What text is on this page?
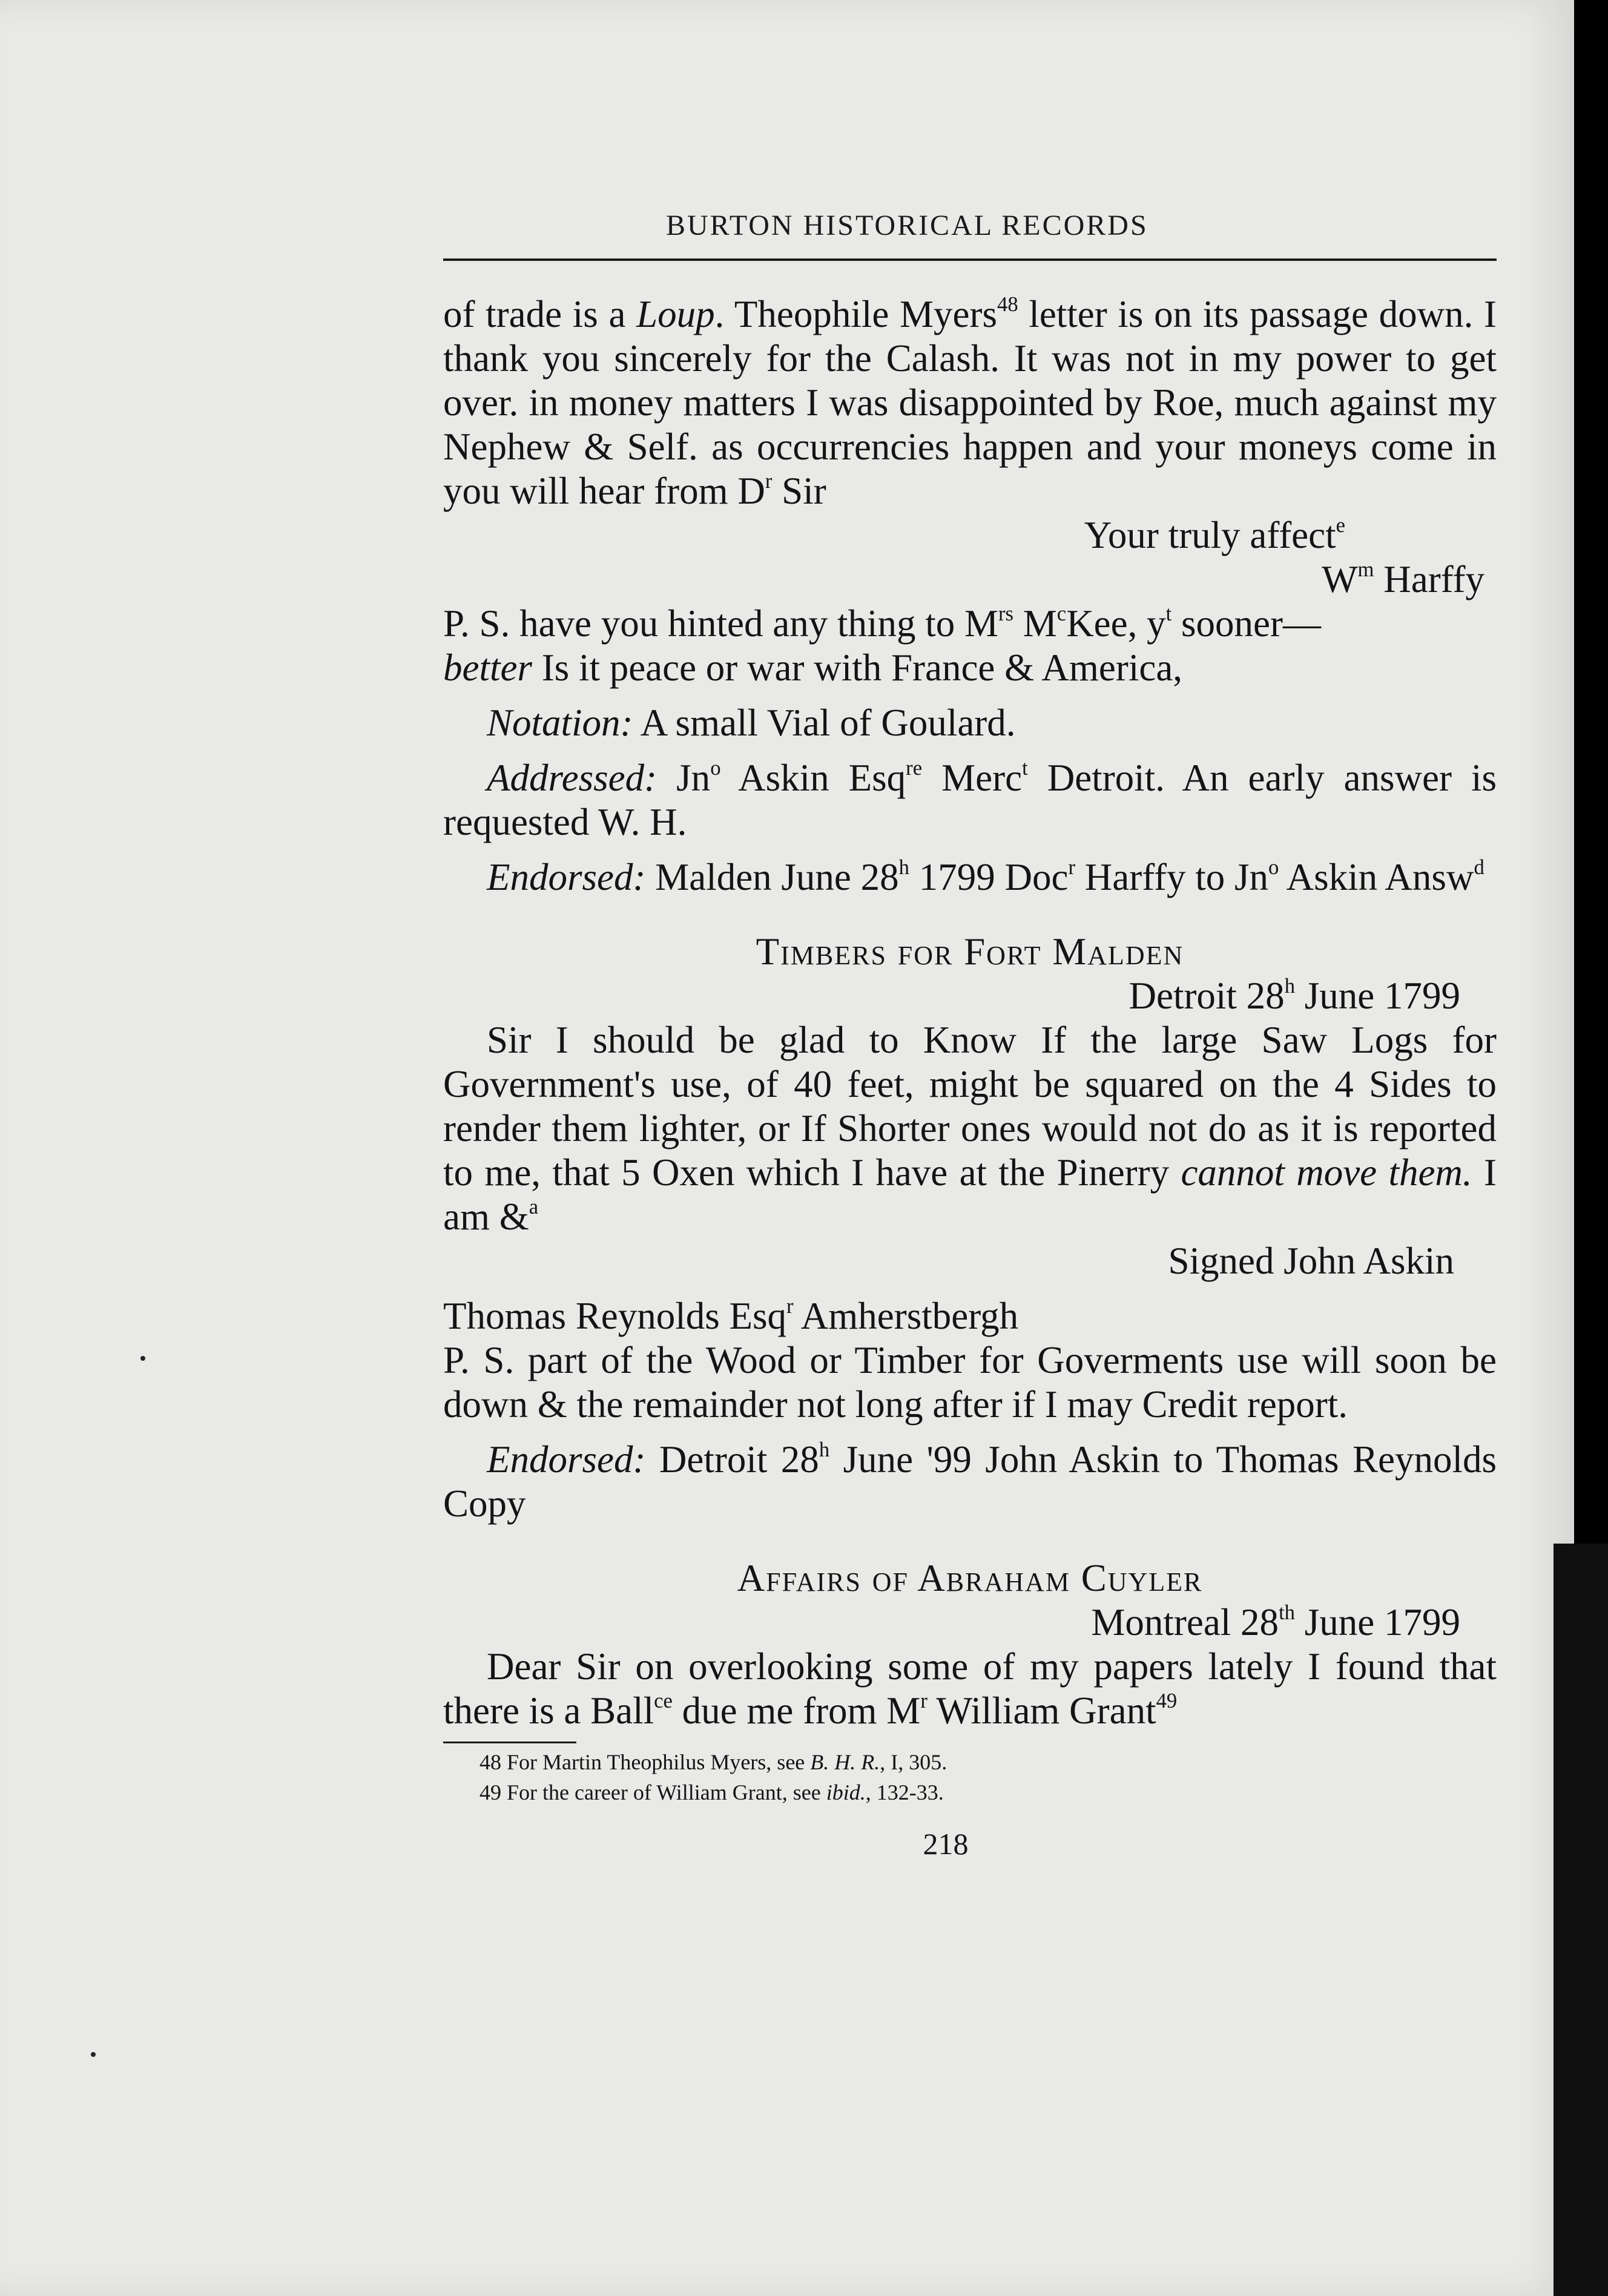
BURTON HISTORICAL RECORDS

of trade is a Loup. Theophile Myers$^{48}$ letter is on its passage down. I thank you sincerely for the Calash. It was not in my power to get over. in money matters I was disappointed by Roe, much against my Nephew & Self. as occurrencies happen and your moneys come in you will hear from $D^r$ Sir

Your truly affect$^e$

$W^m$ Harffy

P. S. have you hinted any thing to $M^{rs}$ $M^cKee$, $y^t$ sooner—
better Is it peace or war with France & America,

Notation: A small Vial of Goulard.

Addressed: Jn$^o$ Askin Esq$^{re}$ Merc$^t$ Detroit. An early answer is requested W. H.

Endorsed: Malden June 28$^h$ 1799 Doc$^r$ Harffy to Jn$^o$ Askin Answ$^d$

Timbers for Fort Malden

Detroit 28$^h$ June 1799

Sir I should be glad to Know If the large Saw Logs for Government's use, of 40 feet, might be squared on the 4 Sides to render them lighter, or If Shorter ones would not do as it is reported to me, that 5 Oxen which I have at the Pinerry cannot move them. I am &$^a$

Signed John Askin

Thomas Reynolds Esq$^r$ Amherstbergh

P. S. part of the Wood or Timber for Goverments use will soon be down & the remainder not long after if I may Credit report.

Endorsed: Detroit 28$^h$ June '99 John Askin to Thomas Reynolds Copy

Affairs of Abraham Cuyler

Montreal 28th June 1799

Dear Sir on overlooking some of my papers lately I found that there is a Ball$^{ce}$ due me from $M^r$ William Grant$^{49}$

48 For Martin Theophilus Myers, see B. H. R., I, 305.
49 For the career of William Grant, see ibid., 132-33.
218
